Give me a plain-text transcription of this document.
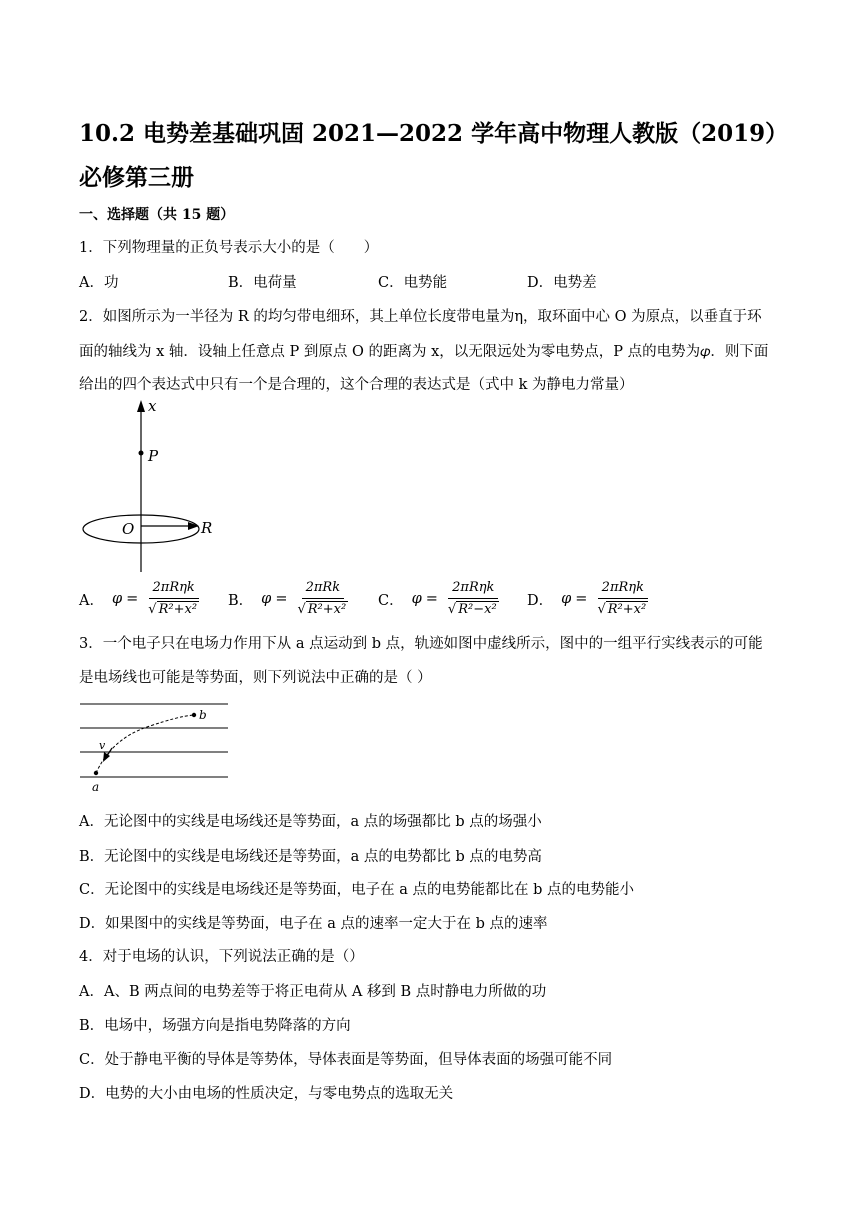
10.2 电势差基础巩固 2021—2022 学年高中物理人教版（2019）必修第三册
一、选择题（共 15 题）
1．下列物理量的正负号表示大小的是（　　）
A．功	B．电荷量	C．电势能	D．电势差
2．如图所示为一半径为 R 的均匀带电细环，其上单位长度带电量为η，取环面中心 O 为原点，以垂直于环
面的轴线为 x 轴．设轴上任意点 P 到原点 O 的距离为 x，以无限远处为零电势点，P 点的电势为𝜑．则下面
给出的四个表达式中只有一个是合理的，这个合理的表达式是（式中 k 为静电力常量）
x
P
O	R
A． $\varphi = \frac{\text{2πRηk}}{\text{√ R²+x²}}$ B． $\varphi = \frac{\text{2πRk}}{\text{√ R²+x²}}$ C． $\varphi = \frac{\text{2πRηk}}{\text{√ R²−x²}}$ D． $\varphi = \frac{\text{2πRηk}}{\text{√ R²+x²}}$
3．一个电子只在电场力作用下从 a 点运动到 b 点，轨迹如图中虚线所示，图中的一组平行实线表示的可能
是电场线也可能是等势面，则下列说法中正确的是（ ）
a
b
v
A．无论图中的实线是电场线还是等势面，a 点的场强都比 b 点的场强小
B．无论图中的实线是电场线还是等势面，a 点的电势都比 b 点的电势高
C．无论图中的实线是电场线还是等势面，电子在 a 点的电势能都比在 b 点的电势能小
D．如果图中的实线是等势面，电子在 a 点的速率一定大于在 b 点的速率
4．对于电场的认识，下列说法正确的是（）
A．A、B 两点间的电势差等于将正电荷从 A 移到 B 点时静电力所做的功
B．电场中，场强方向是指电势降落的方向
C．处于静电平衡的导体是等势体，导体表面是等势面，但导体表面的场强可能不同
D．电势的大小由电场的性质决定，与零电势点的选取无关
